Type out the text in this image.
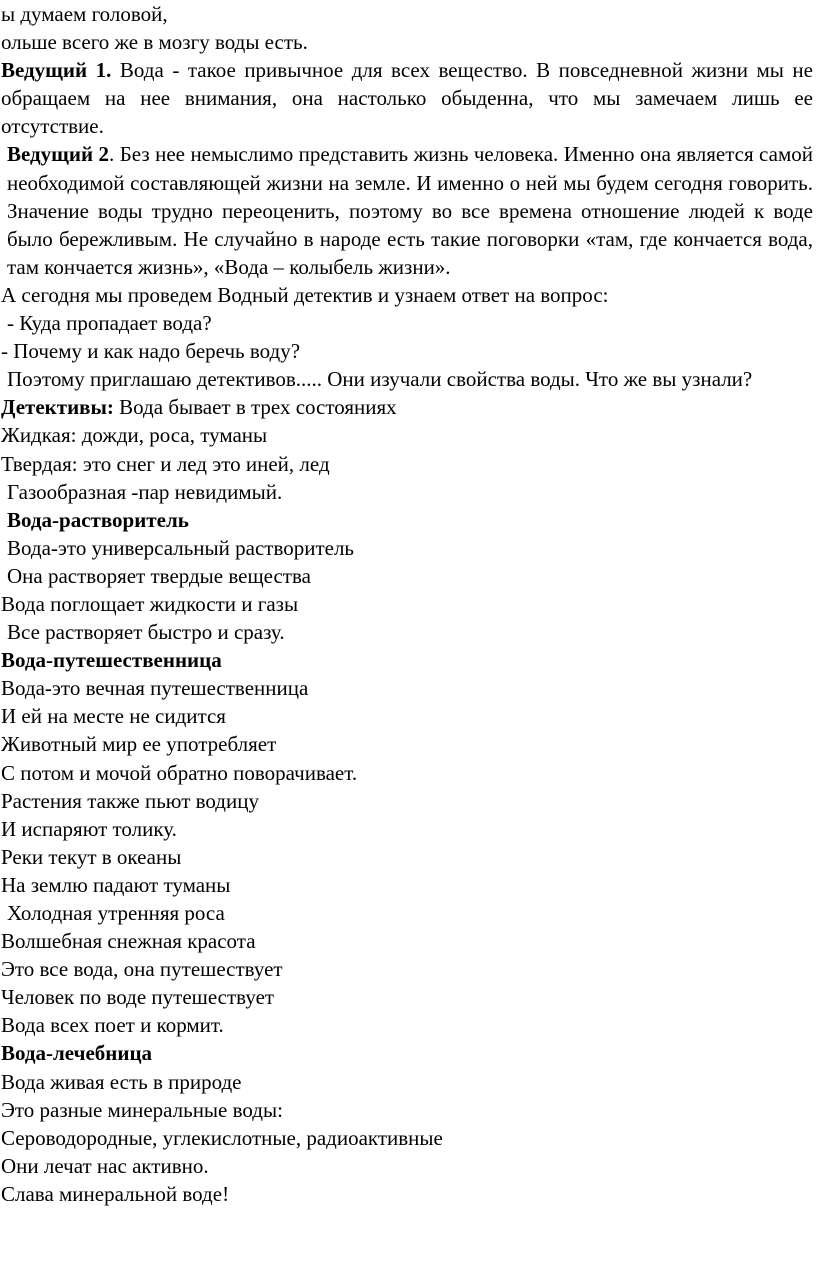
ы думаем головой,

ольше всего же в мозгу воды есть.

Ведущий 1. Вода - такое привычное для всех вещество. В повседневной жизни мы не обращаем на нее внимания, она настолько обыденна, что мы замечаем лишь ее отсутствие.

Ведущий 2. Без нее немыслимо представить жизнь человека. Именно она является самой необходимой составляющей жизни на земле. И именно о ней мы будем сегодня говорить. Значение воды трудно переоценить, поэтому во все времена отношение людей к воде было бережливым. Не случайно в народе есть такие поговорки «там, где кончается вода, там кончается жизнь», «Вода – колыбель жизни».

А сегодня мы проведем Водный детектив и узнаем ответ на вопрос:

- Куда пропадает вода?

- Почему и как надо беречь воду?

Поэтому приглашаю детективов..... Они изучали свойства воды. Что же вы узнали?

Детективы: Вода бывает в трех состояниях

Жидкая: дожди, роса, туманы

Твердая: это снег и лед это иней, лед

Газообразная -пар невидимый.

Вода-растворитель

Вода-это универсальный растворитель

Она растворяет твердые вещества

Вода поглощает жидкости и газы

Все растворяет быстро и сразу.

Вода-путешественница

Вода-это вечная путешественница

И ей на месте не сидится

Животный мир ее употребляет

С потом и мочой обратно поворачивает.

Растения также пьют водицу

И испаряют толику.

Реки текут в океаны

На землю падают туманы

Холодная утренняя роса

Волшебная снежная красота

Это все вода, она путешествует

Человек по воде путешествует

Вода всех поет и кормит.

Вода-лечебница

Вода живая есть в природе

Это разные минеральные воды:

Сероводородные, углекислотные, радиоактивные

Они лечат нас активно.

Слава минеральной воде!
